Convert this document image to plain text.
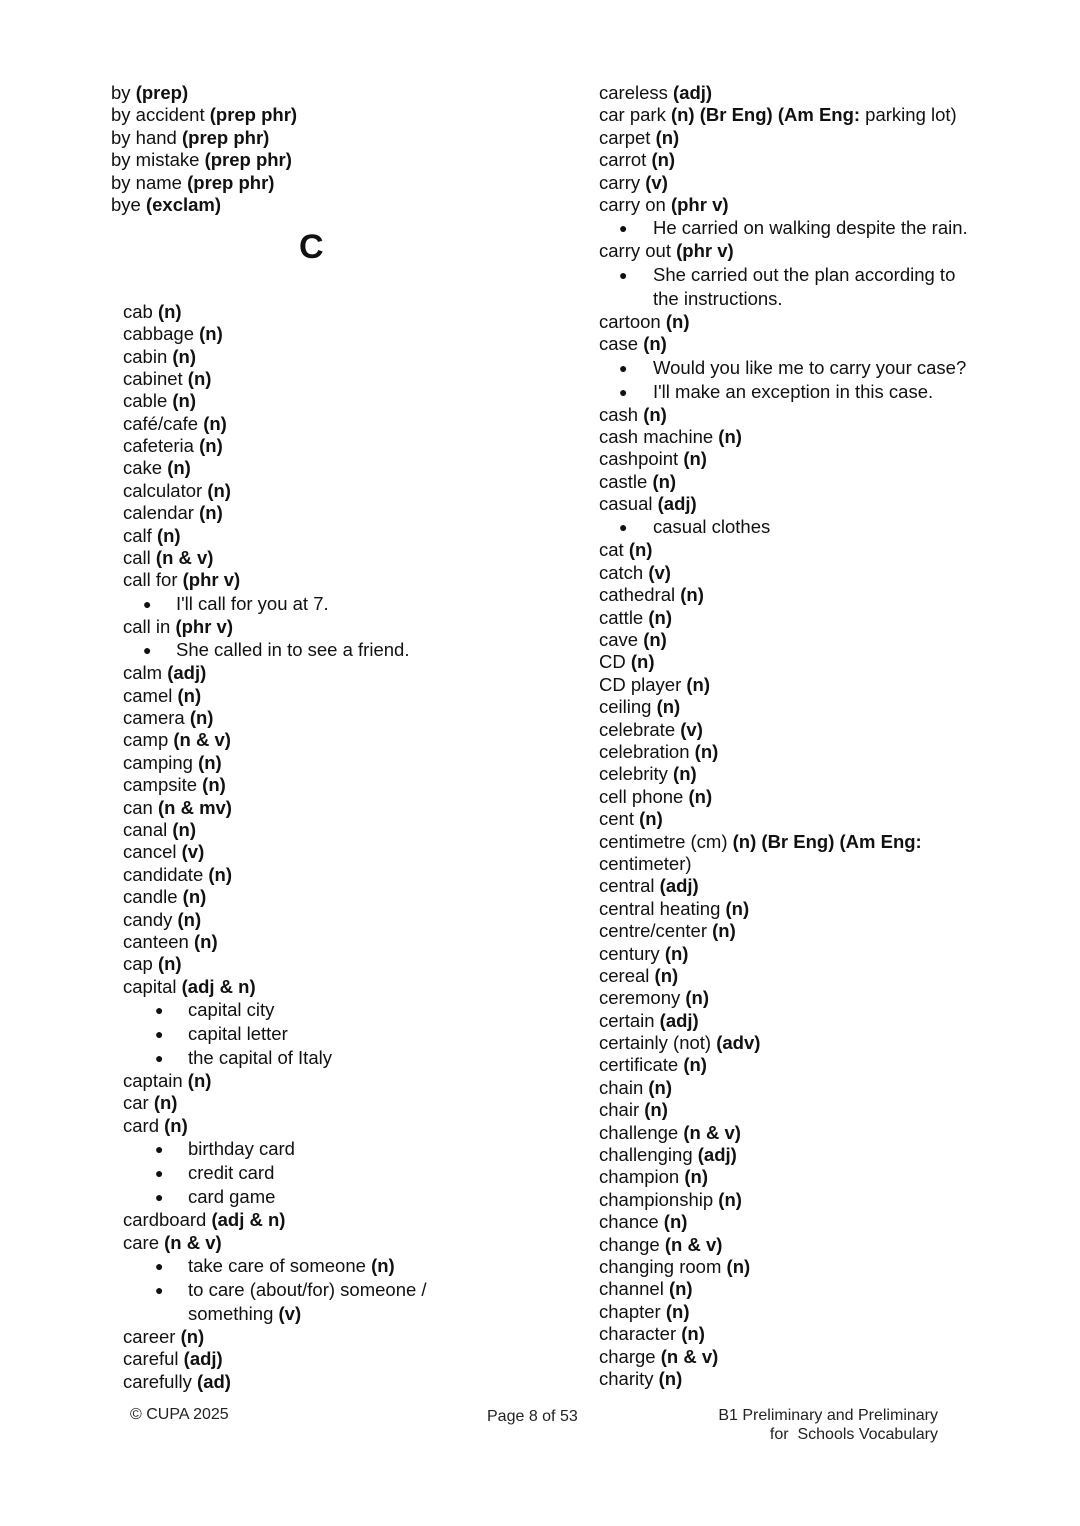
by (prep)
by accident (prep phr)
by hand (prep phr)
by mistake (prep phr)
by name (prep phr)
bye (exclam)
C
cab (n)
cabbage (n)
cabin (n)
cabinet (n)
cable (n)
café/cafe (n)
cafeteria (n)
cake (n)
calculator (n)
calendar (n)
calf (n)
call (n & v)
call for (phr v)
● I'll call for you at 7.
call in (phr v)
● She called in to see a friend.
calm (adj)
camel (n)
camera (n)
camp (n & v)
camping (n)
campsite (n)
can (n & mv)
canal (n)
cancel (v)
candidate (n)
candle (n)
candy (n)
canteen (n)
cap (n)
capital (adj & n)
● capital city
● capital letter
● the capital of Italy
captain (n)
car (n)
card (n)
● birthday card
● credit card
● card game
cardboard (adj & n)
care (n & v)
● take care of someone (n)
● to care (about/for) someone /
something (v)
career (n)
careful (adj)
carefully (ad)
careless (adj)
car park (n) (Br Eng) (Am Eng: parking lot)
carpet (n)
carrot (n)
carry (v)
carry on (phr v)
● He carried on walking despite the rain.
carry out (phr v)
● She carried out the plan according to
the instructions.
cartoon (n)
case (n)
● Would you like me to carry your case?
● I'll make an exception in this case.
cash (n)
cash machine (n)
cashpoint (n)
castle (n)
casual (adj)
● casual clothes
cat (n)
catch (v)
cathedral (n)
cattle (n)
cave (n)
CD (n)
CD player (n)
ceiling (n)
celebrate (v)
celebration (n)
celebrity (n)
cell phone (n)
cent (n)
centimetre (cm) (n) (Br Eng) (Am Eng:
centimeter)
central (adj)
central heating (n)
centre/center (n)
century (n)
cereal (n)
ceremony (n)
certain (adj)
certainly (not) (adv)
certificate (n)
chain (n)
chair (n)
challenge (n & v)
challenging (adj)
champion (n)
championship (n)
chance (n)
change (n & v)
changing room (n)
channel (n)
chapter (n)
character (n)
charge (n & v)
charity (n)
© CUPA 2025	Page 8 of 53	B1 Preliminary and Preliminary
for  Schools Vocabulary
